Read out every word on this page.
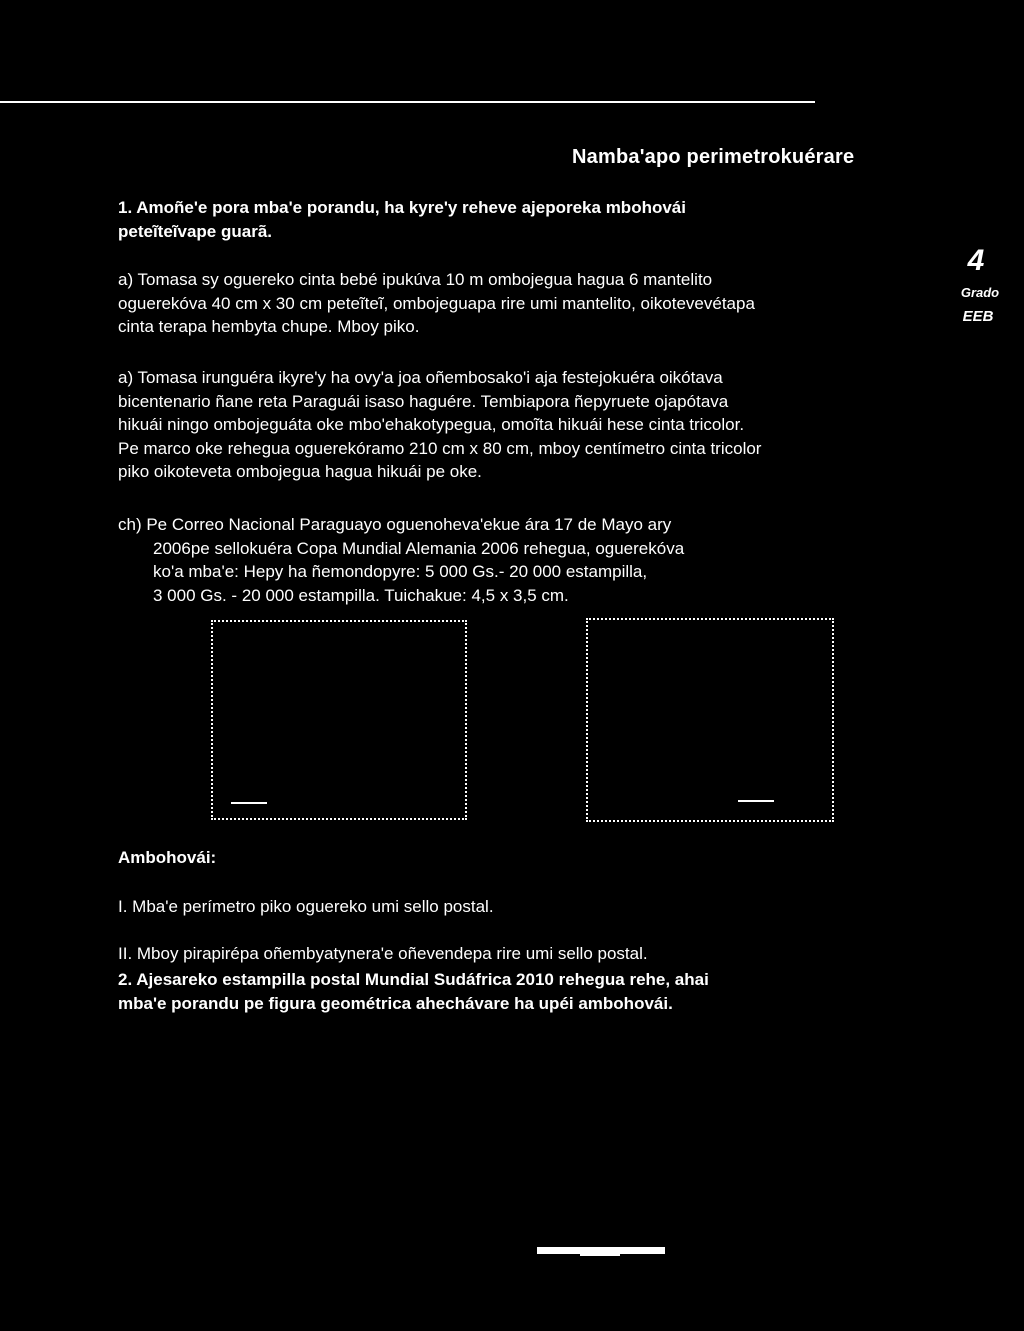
Namba'apo perimetrokuérare
4
Grado
EEB
1. Amoñe'e pora mba'e porandu, ha kyre'y reheve ajeporeka mbohovái
peteĩteĩvape guarã.

a) Tomasa sy oguereko cinta bebé ipukúva 10 m ombojegua hagua 6 mantelito

oguerekóva 40 cm x 30 cm peteĩteĩ, ombojeguapa rire umi mantelito, oikotevevétapa

cinta terapa hembyta chupe. Mboy piko.

a) Tomasa irunguéra ikyre'y ha ovy'a joa oñembosako'i aja festejokuéra oikótava

bicentenario ñane reta Paraguái isaso haguére. Tembiapora ñepyruete ojapótava

hikuái ningo ombojeguáta oke mbo'ehakotypegua, omoĩta hikuái hese cinta tricolor.

Pe marco oke rehegua oguerekóramo 210 cm x 80 cm, mboy centímetro cinta tricolor

piko oikoteveta ombojegua hagua hikuái pe oke.

ch) Pe Correo Nacional Paraguayo oguenoheva'ekue ára 17 de Mayo ary

2006pe sellokuéra Copa Mundial Alemania 2006 rehegua, oguerekóva

ko'a mba'e: Hepy ha ñemondopyre: 5 000 Gs.- 20 000 estampilla,

3 000 Gs. - 20 000 estampilla. Tuichakue: 4,5 x 3,5 cm.

Ambohovái:
I. Mba'e perímetro piko oguereko umi sello postal.
II. Mboy pirapirépa oñembyatynera'e oñevendepa rire umi sello postal.
2. Ajesareko estampilla postal Mundial Sudáfrica 2010 rehegua rehe, ahai
mba'e porandu pe figura geométrica ahechávare ha upéi ambohovái.
